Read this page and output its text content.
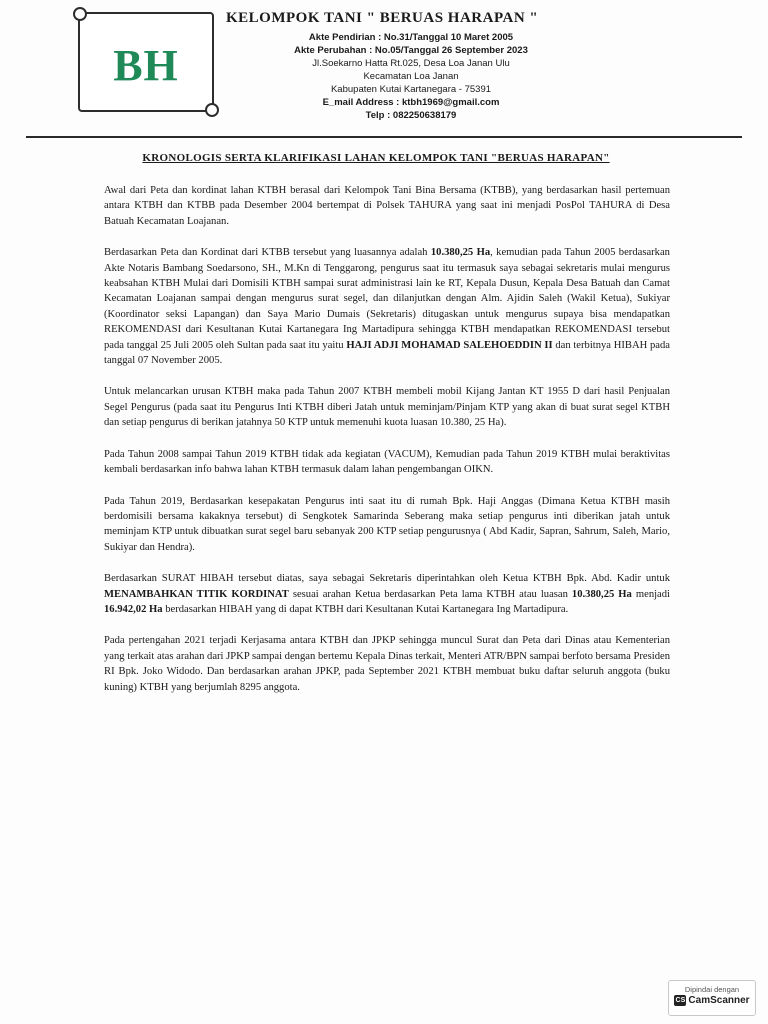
BH
KELOMPOK TANI " BERUAS HARAPAN "
Akte Pendirian : No.31/Tanggal 10 Maret 2005
Akte Perubahan : No.05/Tanggal 26 September 2023
Jl.Soekarno Hatta Rt.025, Desa Loa Janan Ulu
Kecamatan Loa Janan
Kabupaten Kutai Kartanegara - 75391
E_mail Address : ktbh1969@gmail.com
Telp : 082250638179
KRONOLOGIS SERTA KLARIFIKASI LAHAN KELOMPOK TANI "BERUAS HARAPAN"

Awal dari Peta dan kordinat lahan KTBH berasal dari Kelompok Tani Bina Bersama (KTBB), yang berdasarkan hasil pertemuan antara KTBH dan KTBB pada Desember 2004 bertempat di Polsek TAHURA yang saat ini menjadi PosPol TAHURA di Desa Batuah Kecamatan Loajanan.

Berdasarkan Peta dan Kordinat dari KTBB tersebut yang luasannya adalah 10.380,25 Ha, kemudian pada Tahun 2005 berdasarkan Akte Notaris Bambang Soedarsono, SH., M.Kn di Tenggarong, pengurus saat itu termasuk saya sebagai sekretaris mulai mengurus keabsahan KTBH Mulai dari Domisili KTBH sampai surat administrasi lain ke RT, Kepala Dusun, Kepala Desa Batuah dan Camat Kecamatan Loajanan sampai dengan mengurus surat segel, dan dilanjutkan dengan Alm. Ajidin Saleh (Wakil Ketua), Sukiyar (Koordinator seksi Lapangan) dan Saya Mario Dumais (Sekretaris) ditugaskan untuk mengurus supaya bisa mendapatkan REKOMENDASI dari Kesultanan Kutai Kartanegara Ing Martadipura sehingga KTBH mendapatkan REKOMENDASI tersebut pada tanggal 25 Juli 2005 oleh Sultan pada saat itu yaitu HAJI ADJI MOHAMAD SALEHOEDDIN II dan terbitnya HIBAH pada tanggal 07 November 2005.

Untuk melancarkan urusan KTBH maka pada Tahun 2007 KTBH membeli mobil Kijang Jantan KT 1955 D dari hasil Penjualan Segel Pengurus (pada saat itu Pengurus Inti KTBH diberi Jatah untuk meminjam/Pinjam KTP yang akan di buat surat segel KTBH dan setiap pengurus di berikan jatahnya 50 KTP untuk memenuhi kuota luasan 10.380, 25 Ha).

Pada Tahun 2008 sampai Tahun 2019 KTBH tidak ada kegiatan (VACUM), Kemudian pada Tahun 2019 KTBH mulai beraktivitas kembali berdasarkan info bahwa lahan KTBH termasuk dalam lahan pengembangan OIKN.

Pada Tahun 2019, Berdasarkan kesepakatan Pengurus inti saat itu di rumah Bpk. Haji Anggas (Dimana Ketua KTBH masih berdomisili bersama kakaknya tersebut) di Sengkotek Samarinda Seberang maka setiap pengurus inti diberikan jatah untuk meminjam KTP untuk dibuatkan surat segel baru sebanyak 200 KTP setiap pengurusnya ( Abd Kadir, Sapran, Sahrum, Saleh, Mario, Sukiyar dan Hendra).

Berdasarkan SURAT HIBAH tersebut diatas, saya sebagai Sekretaris diperintahkan oleh Ketua KTBH Bpk. Abd. Kadir untuk MENAMBAHKAN TITIK KORDINAT sesuai arahan Ketua berdasarkan Peta lama KTBH atau luasan 10.380,25 Ha menjadi 16.942,02 Ha berdasarkan HIBAH yang di dapat KTBH dari Kesultanan Kutai Kartanegara Ing Martadipura.

Pada pertengahan 2021 terjadi Kerjasama antara KTBH dan JPKP sehingga muncul Surat dan Peta dari Dinas atau Kementerian yang terkait atas arahan dari JPKP sampai dengan bertemu Kepala Dinas terkait, Menteri ATR/BPN sampai berfoto bersama Presiden RI Bpk. Joko Widodo. Dan berdasarkan arahan JPKP, pada September 2021 KTBH membuat buku daftar seluruh anggota (buku kuning) KTBH yang berjumlah 8295 anggota.

Dipindai dengan
CS CamScanner
